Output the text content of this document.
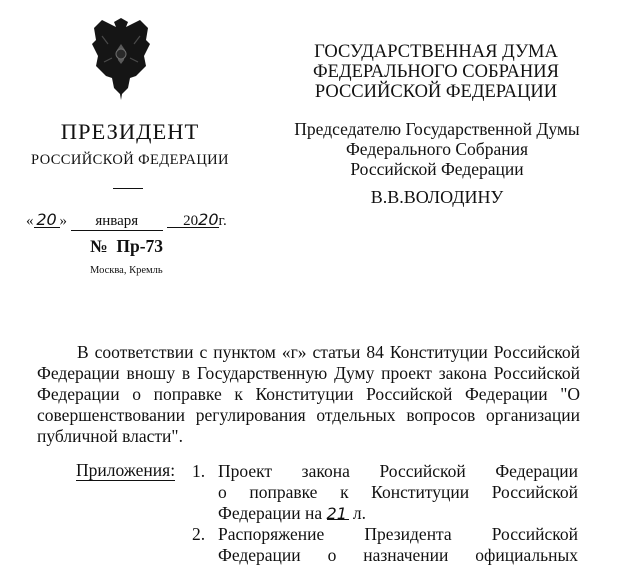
ГОСУДАРСТВЕННАЯ ДУМА
ФЕДЕРАЛЬНОГО СОБРАНИЯ
РОССИЙСКОЙ ФЕДЕРАЦИИ
Председателю Государственной Думы
Федерального Собрания
Российской Федерации
В.В.ВОЛОДИНУ
ПРЕЗИДЕНТ
РОССИЙСКОЙ ФЕДЕРАЦИИ
« 20 » января	2020г.
№ Пр-73
Москва, Кремль
В соответствии с пунктом «г» статьи 84 Конституции Российской Федерации вношу в Государственную Думу проект закона Российской Федерации о поправке к Конституции Российской Федерации "О совершенствовании регулирования отдельных вопросов организации публичной власти".
Приложения: 1. Проект закона Российской Федерации
о поправке к Конституции Российской
Федерации на 21 л.
2. Распоряжение Президента Российской
Федерации о назначении официальных
